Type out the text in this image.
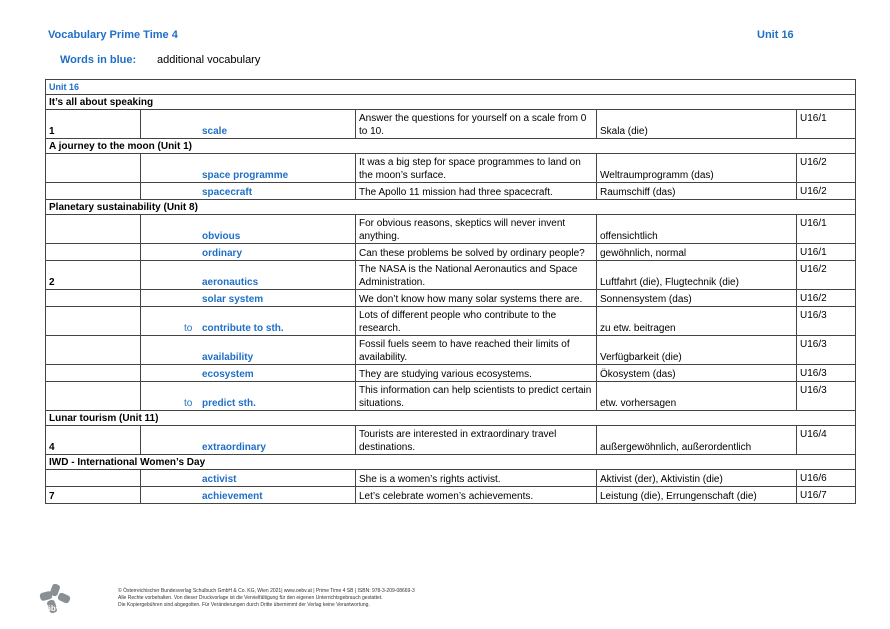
Vocabulary Prime Time 4	Unit 16
Words in blue: additional vocabulary
Unit 16				
It’s all about speaking				
1	scale	Answer the questions for yourself on a scale from 0 to 10.	Skala (die)	U16/1
A journey to the moon (Unit 1)				
	space programme	It was a big step for space programmes to land on the moon’s surface.	Weltraumprogramm (das)	U16/2
	spacecraft	The Apollo 11 mission had three spacecraft.	Raumschiff (das)	U16/2
Planetary sustainability (Unit 8)				
	obvious	For obvious reasons, skeptics will never invent anything.	offensichtlich	U16/1
	ordinary	Can these problems be solved by ordinary people?	gewöhnlich, normal	U16/1
2	aeronautics	The NASA is the National Aeronautics and Space Administration.	Luftfahrt (die), Flugtechnik (die)	U16/2
	solar system	We don’t know how many solar systems there are.	Sonnensystem (das)	U16/2
	to contribute to sth.	Lots of different people who contribute to the research.	zu etw. beitragen	U16/3
	availability	Fossil fuels seem to have reached their limits of availability.	Verfügbarkeit (die)	U16/3
	ecosystem	They are studying various ecosystems.	Ökosystem (das)	U16/3
	to predict sth.	This information can help scientists to predict certain situations.	etw. vorhersagen	U16/3
Lunar tourism (Unit 11)				
4	extraordinary	Tourists are interested in extraordinary travel destinations.	außergewöhnlich, außerordentlich	U16/4
IWD - International Women’s Day				
	activist	She is a women’s rights activist.	Aktivist (der), Aktivistin (die)	U16/6
7	achievement	Let’s celebrate women’s achievements.	Leistung (die), Errungenschaft (die)	U16/7
öbv
© Österreichischer Bundesverlag Schulbuch GmbH & Co. KG, Wien 2021| www.oebv.at | Prime Time 4 SB | ISBN: 978-3-209-08669-3
Alle Rechte vorbehalten. Von dieser Druckvorlage ist die Vervielfältigung für den eigenen Unterrichtsgebrauch gestattet.
Die Kopiergebühren sind abgegolten. Für Veränderungen durch Dritte übernimmt der Verlag keine Verantwortung.
